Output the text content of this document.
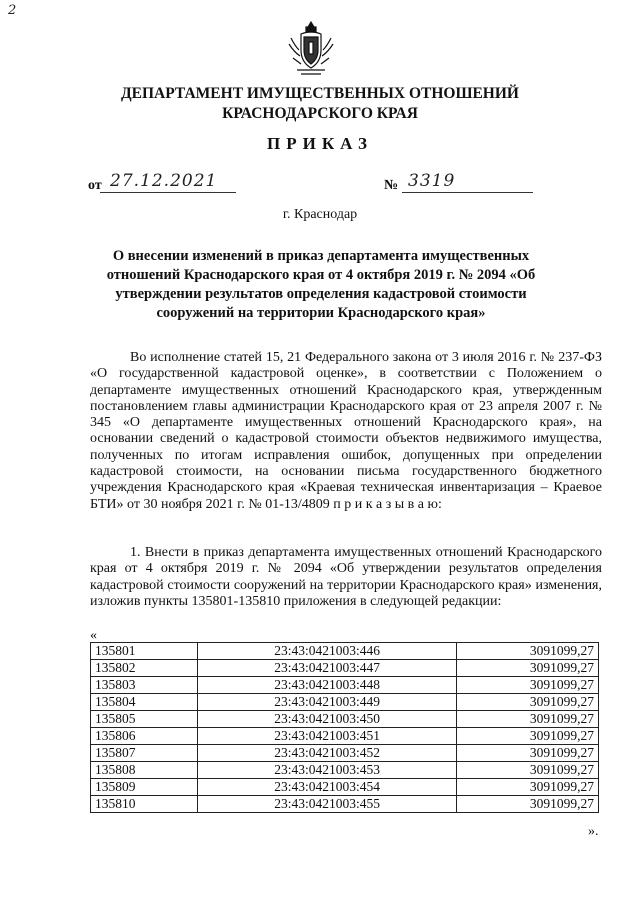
2
ДЕПАРТАМЕНТ ИМУЩЕСТВЕННЫХ ОТНОШЕНИЙ
КРАСНОДАРСКОГО КРАЯ
ПРИКАЗ
от 27.12.2021	№ 3319
г. Краснодар
О внесении изменений в приказ департамента имущественных отношений Краснодарского края от 4 октября 2019 г. № 2094 «Об утверждении результатов определения кадастровой стоимости сооружений на территории Краснодарского края»
Во исполнение статей 15, 21 Федерального закона от 3 июля 2016 г. № 237-ФЗ «О государственной кадастровой оценке», в соответствии с Положением о департаменте имущественных отношений Краснодарского края, утвержденным постановлением главы администрации Краснодарского края от 23 апреля 2007 г. № 345 «О департаменте имущественных отношений Краснодарского края», на основании сведений о кадастровой стоимости объектов недвижимого имущества, полученных по итогам исправления ошибок, допущенных при определении кадастровой стоимости, на основании письма государственного бюджетного учреждения Краснодарского края «Краевая техническая инвентаризация – Краевое БТИ» от 30 ноября 2021 г. № 01-13/4809 п р и к а з ы в а ю:
1. Внести в приказ департамента имущественных отношений Краснодарского края от 4 октября 2019 г. № 2094 «Об утверждении результатов определения кадастровой стоимости сооружений на территории Краснодарского края» изменения, изложив пункты 135801-135810 приложения в следующей редакции:
«
135801	23:43:0421003:446	3091099,27
135802	23:43:0421003:447	3091099,27
135803	23:43:0421003:448	3091099,27
135804	23:43:0421003:449	3091099,27
135805	23:43:0421003:450	3091099,27
135806	23:43:0421003:451	3091099,27
135807	23:43:0421003:452	3091099,27
135808	23:43:0421003:453	3091099,27
135809	23:43:0421003:454	3091099,27
135810	23:43:0421003:455	3091099,27
».
